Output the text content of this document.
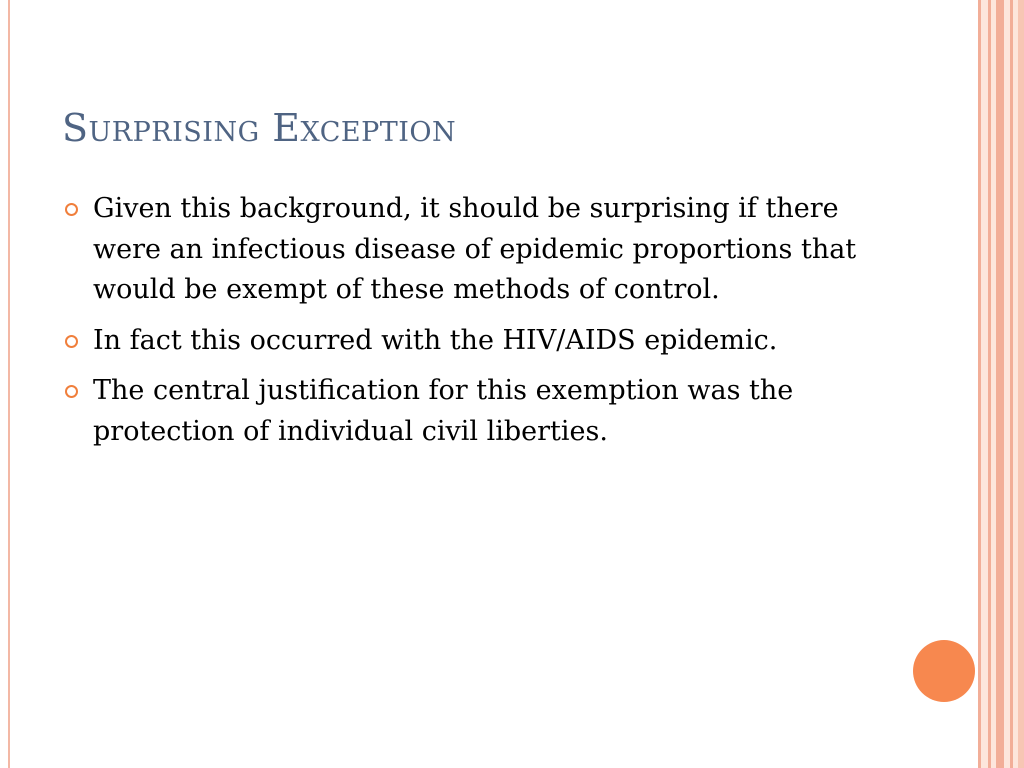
Surprising Exception
Given this background, it should be surprising if there were an infectious disease of epidemic proportions that would be exempt of these methods of control.
In fact this occurred with the HIV/AIDS epidemic.
The central justification for this exemption was the protection of individual civil liberties.
